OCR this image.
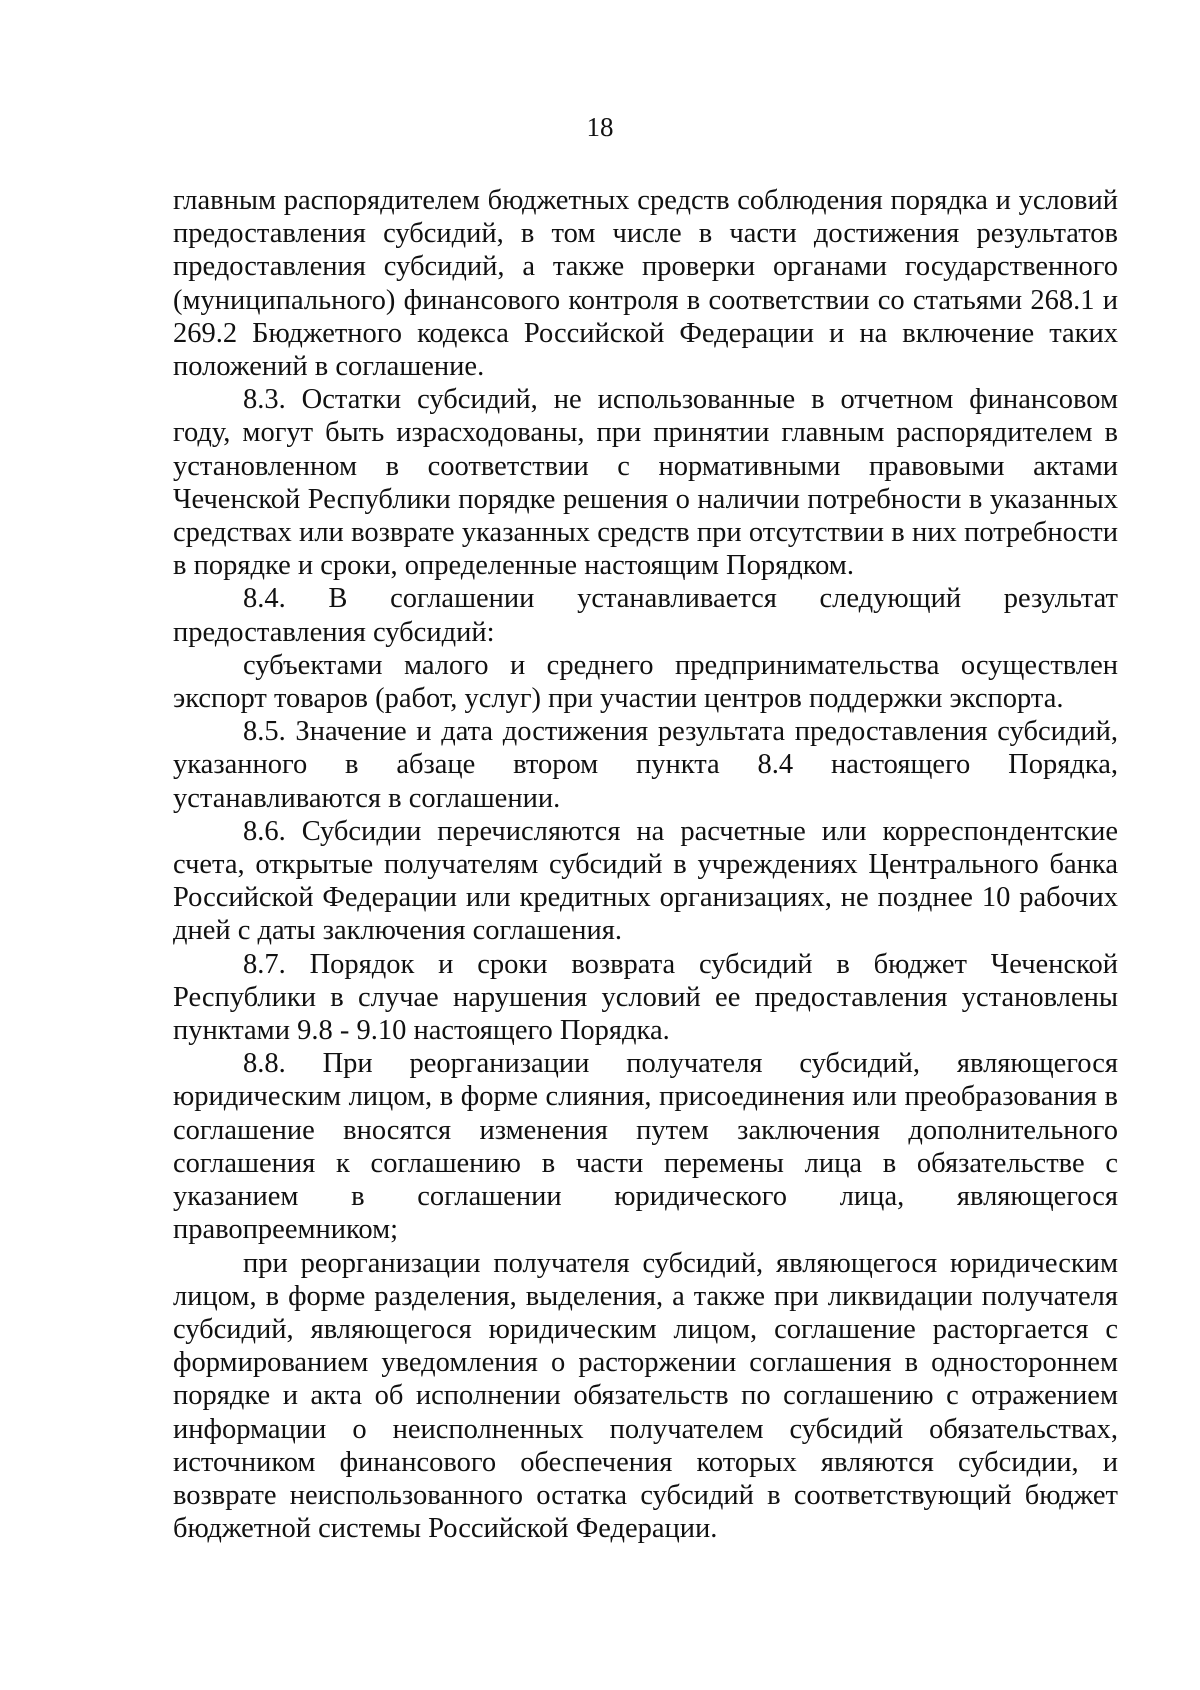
18

главным распорядителем бюджетных средств соблюдения порядка и условий предоставления субсидий, в том числе в части достижения результатов предоставления субсидий, а также проверки органами государственного (муниципального) финансового контроля в соответствии со статьями 268.1 и 269.2 Бюджетного кодекса Российской Федерации и на включение таких положений в соглашение.

8.3. Остатки субсидий, не использованные в отчетном финансовом году, могут быть израсходованы, при принятии главным распорядителем в установленном в соответствии с нормативными правовыми актами Чеченской Республики порядке решения о наличии потребности в указанных средствах или возврате указанных средств при отсутствии в них потребности в порядке и сроки, определенные настоящим Порядком.

8.4. В соглашении устанавливается следующий результат предоставления субсидий:

субъектами малого и среднего предпринимательства осуществлен экспорт товаров (работ, услуг) при участии центров поддержки экспорта.

8.5. Значение и дата достижения результата предоставления субсидий, указанного в абзаце втором пункта 8.4 настоящего Порядка, устанавливаются в соглашении.

8.6. Субсидии перечисляются на расчетные или корреспондентские счета, открытые получателям субсидий в учреждениях Центрального банка Российской Федерации или кредитных организациях, не позднее 10 рабочих дней с даты заключения соглашения.

8.7. Порядок и сроки возврата субсидий в бюджет Чеченской Республики в случае нарушения условий ее предоставления установлены пунктами 9.8 - 9.10 настоящего Порядка.

8.8. При реорганизации получателя субсидий, являющегося юридическим лицом, в форме слияния, присоединения или преобразования в соглашение вносятся изменения путем заключения дополнительного соглашения к соглашению в части перемены лица в обязательстве с указанием в соглашении юридического лица, являющегося правопреемником;

при реорганизации получателя субсидий, являющегося юридическим лицом, в форме разделения, выделения, а также при ликвидации получателя субсидий, являющегося юридическим лицом, соглашение расторгается с формированием уведомления о расторжении соглашения в одностороннем порядке и акта об исполнении обязательств по соглашению с отражением информации о неисполненных получателем субсидий обязательствах, источником финансового обеспечения которых являются субсидии, и возврате неиспользованного остатка субсидий в соответствующий бюджет бюджетной системы Российской Федерации.
